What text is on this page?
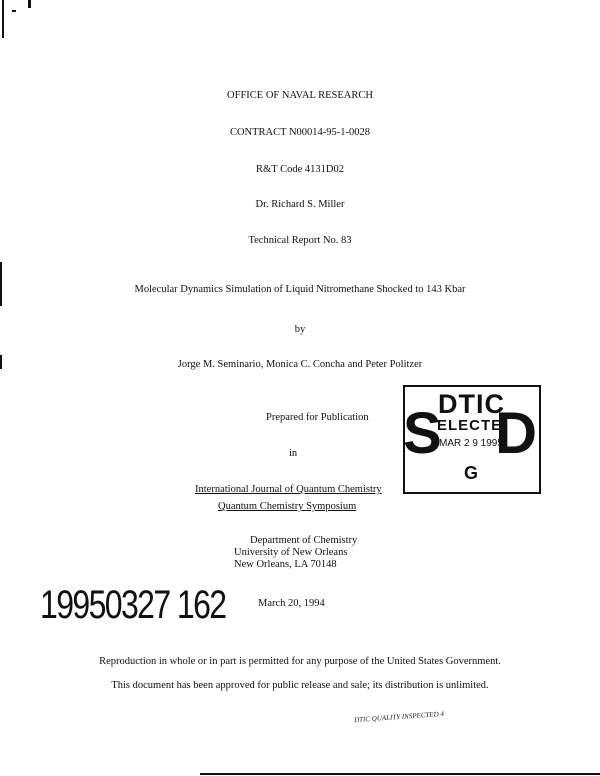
OFFICE OF NAVAL RESEARCH
CONTRACT N00014-95-1-0028
R&T Code 4131D02
Dr. Richard S. Miller
Technical Report No. 83
Molecular Dynamics Simulation of Liquid Nitromethane Shocked to 143 Kbar
by
Jorge M. Seminario, Monica C. Concha and Peter Politzer
Prepared for Publication
in
International Journal of Quantum Chemistry
Quantum Chemistry Symposium
Department of Chemistry
University of New Orleans
New Orleans, LA 70148
19950327 162	March 20, 1994
S
DTIC
ELECTE
MAR 2 9 1995
G
D
Reproduction in whole or in part is permitted for any purpose of the United States Government.
This document has been approved for public release and sale; its distribution is unlimited.
DTIC QUALITY INSPECTED 4
